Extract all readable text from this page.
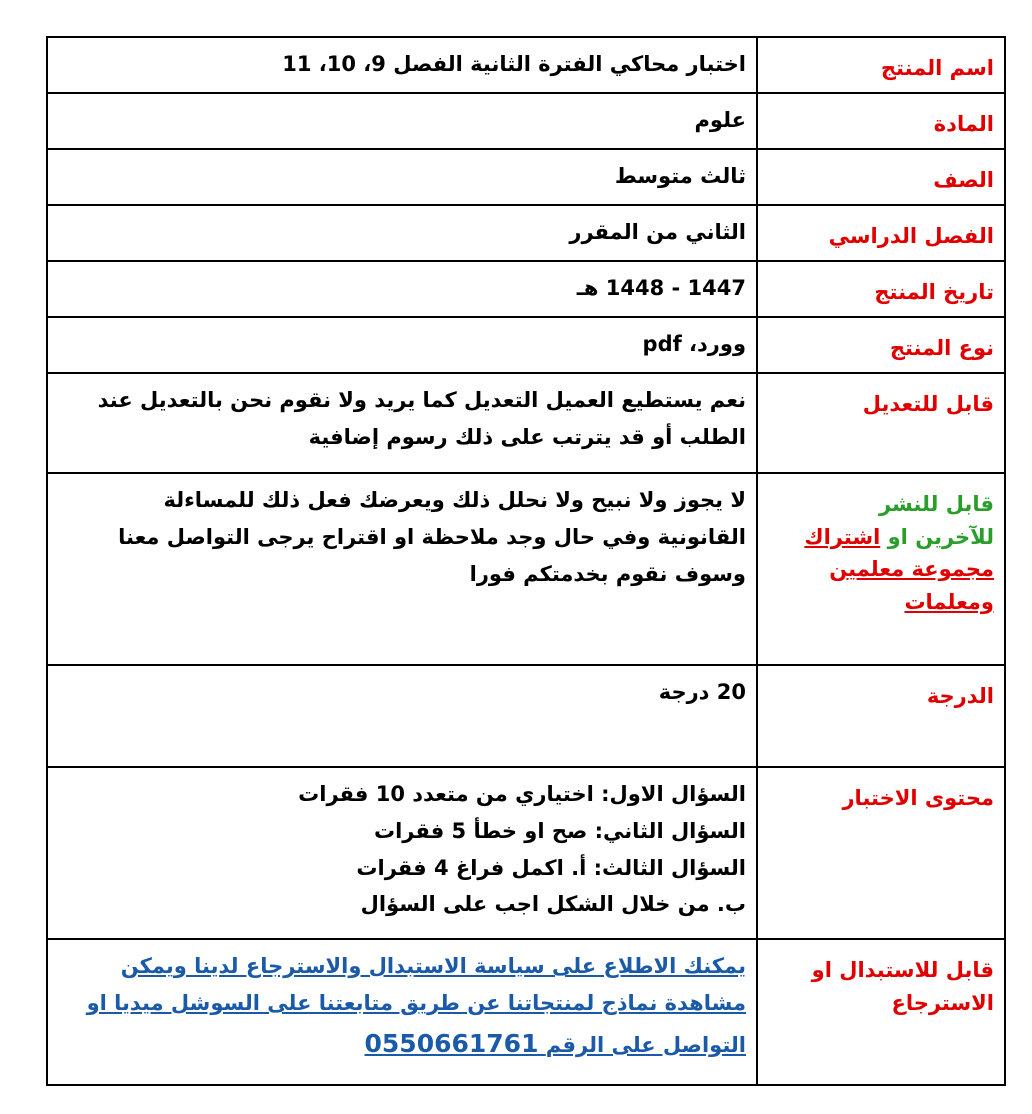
اسم المنتج	اختبار محاكي الفترة الثانية الفصل 9، 10، 11
المادة	علوم
الصف	ثالث متوسط
الفصل الدراسي	الثاني من المقرر
تاريخ المنتج	1447 - 1448 هـ
نوع المنتج	وورد، pdf
قابل للتعديل	نعم يستطيع العميل التعديل كما يريد ولا نقوم نحن بالتعديل عند
الطلب أو قد يترتب على ذلك رسوم إضافية

قابل للنشر
للآخرين او اشتراك
مجموعة معلمين
ومعلمات	لا يجوز ولا نبيح ولا نحلل ذلك ويعرضك فعل ذلك للمساءلة
القانونية وفي حال وجد ملاحظة او اقتراح يرجى التواصل معنا
وسوف نقوم بخدمتكم فورا

الدرجة	20 درجة
محتوى الاختبار	السؤال الاول: اختياري من متعدد 10 فقرات
السؤال الثاني: صح او خطأ 5 فقرات
السؤال الثالث: أ. اكمل فراغ 4 فقرات
ب. من خلال الشكل اجب على السؤال

قابل للاستبدال او
الاسترجاع	يمكنك الاطلاع على سياسة الاستبدال والاسترجاع لدينا ويمكن
مشاهدة نماذج لمنتجاتنا عن طريق متابعتنا على السوشل ميديا او
التواصل على الرقم 0550661761
